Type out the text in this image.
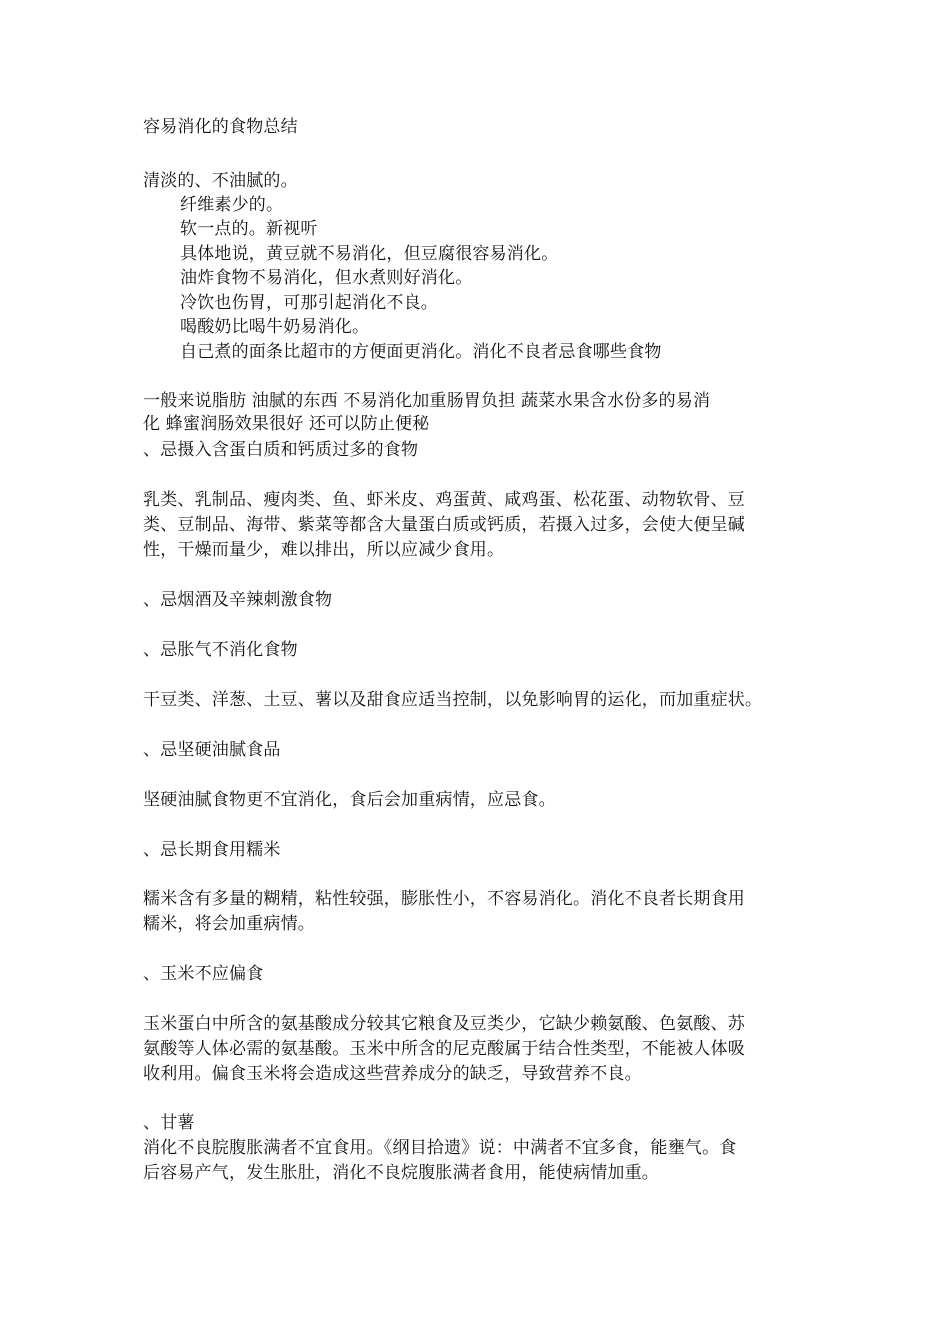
容易消化的食物总结

清淡的、不油腻的。

纤维素少的。

软一点的。新视听

具体地说，黄豆就不易消化，但豆腐很容易消化。

油炸食物不易消化，但水煮则好消化。

冷饮也伤胃，可那引起消化不良。

喝酸奶比喝牛奶易消化。

自己煮的面条比超市的方便面更消化。消化不良者忌食哪些食物

一般来说脂肪 油腻的东西 不易消化加重肠胃负担 蔬菜水果含水份多的易消

化 蜂蜜润肠效果很好 还可以防止便秘

、忌摄入含蛋白质和钙质过多的食物

乳类、乳制品、瘦肉类、鱼、虾米皮、鸡蛋黄、咸鸡蛋、松花蛋、动物软骨、豆

类、豆制品、海带、紫菜等都含大量蛋白质或钙质，若摄入过多，会使大便呈碱

性，干燥而量少，难以排出，所以应减少食用。

、忌烟酒及辛辣刺激食物

、忌胀气不消化食物

干豆类、洋葱、土豆、薯以及甜食应适当控制，以免影响胃的运化，而加重症状。

、忌坚硬油腻食品

坚硬油腻食物更不宜消化，食后会加重病情，应忌食。

、忌长期食用糯米

糯米含有多量的糊精，粘性较强，膨胀性小，不容易消化。消化不良者长期食用

糯米，将会加重病情。

、玉米不应偏食

玉米蛋白中所含的氨基酸成分较其它粮食及豆类少，它缺少赖氨酸、色氨酸、苏

氨酸等人体必需的氨基酸。玉米中所含的尼克酸属于结合性类型，不能被人体吸

收利用。偏食玉米将会造成这些营养成分的缺乏，导致营养不良。

、甘薯

消化不良脘腹胀满者不宜食用。《纲目拾遗》说：中满者不宜多食，能壅气。食

后容易产气，发生胀肚，消化不良烷腹胀满者食用，能使病情加重。
